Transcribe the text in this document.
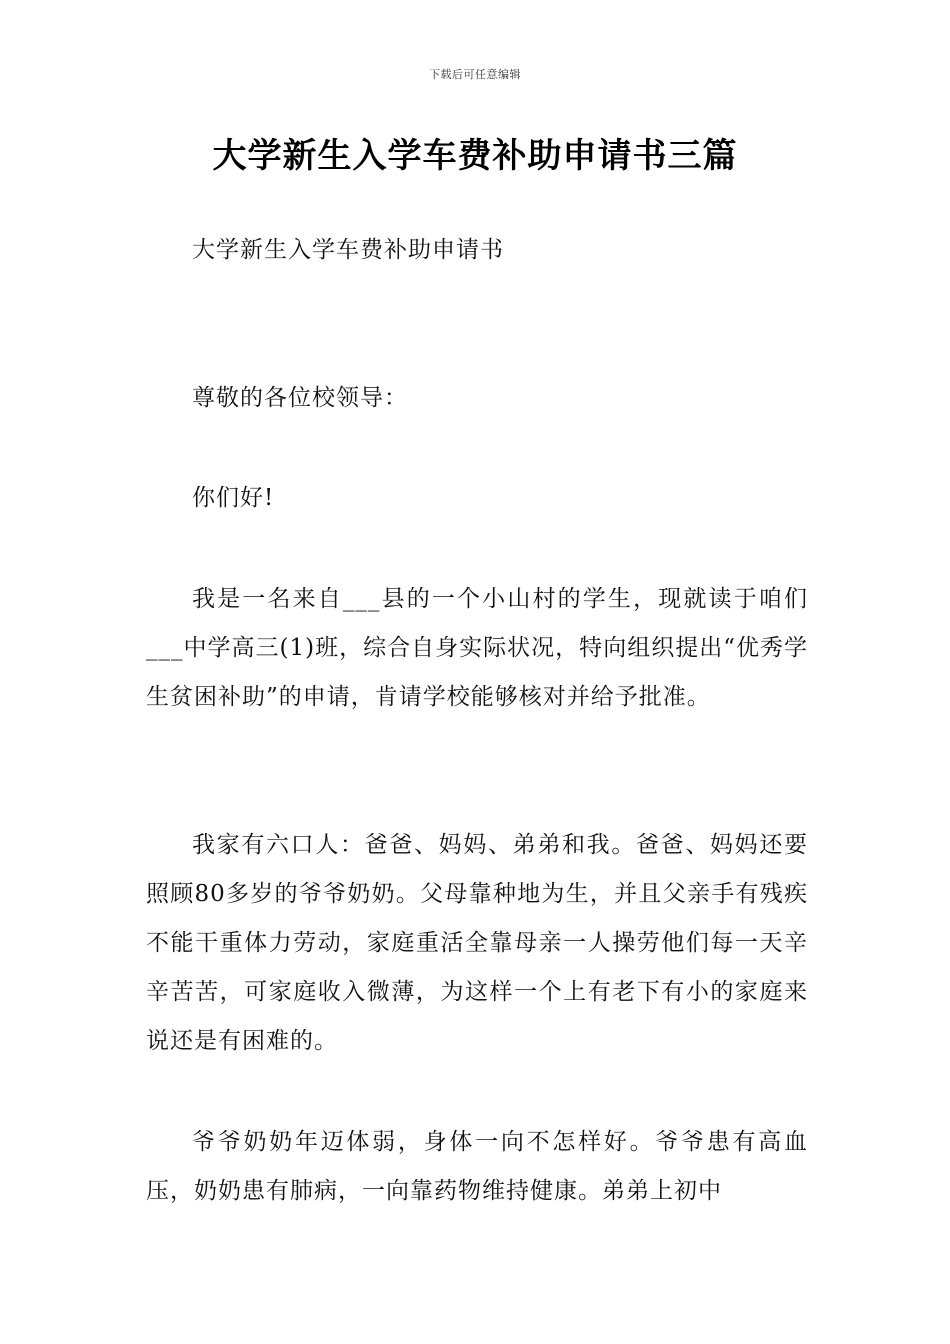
下载后可任意编辑
大学新生入学车费补助申请书三篇

大学新生入学车费补助申请书

尊敬的各位校领导：

你们好!

我是一名来自___县的一个小山村的学生，现就读于咱们___中学高三(1)班，综合自身实际状况，特向组织提出“优秀学生贫困补助”的申请，肯请学校能够核对并给予批准。

我家有六口人：爸爸、妈妈、弟弟和我。爸爸、妈妈还要照顾80多岁的爷爷奶奶。父母靠种地为生，并且父亲手有残疾不能干重体力劳动，家庭重活全靠母亲一人操劳他们每一天辛辛苦苦，可家庭收入微薄，为这样一个上有老下有小的家庭来说还是有困难的。

爷爷奶奶年迈体弱，身体一向不怎样好。爷爷患有高血压，奶奶患有肺病，一向靠药物维持健康。弟弟上初中
